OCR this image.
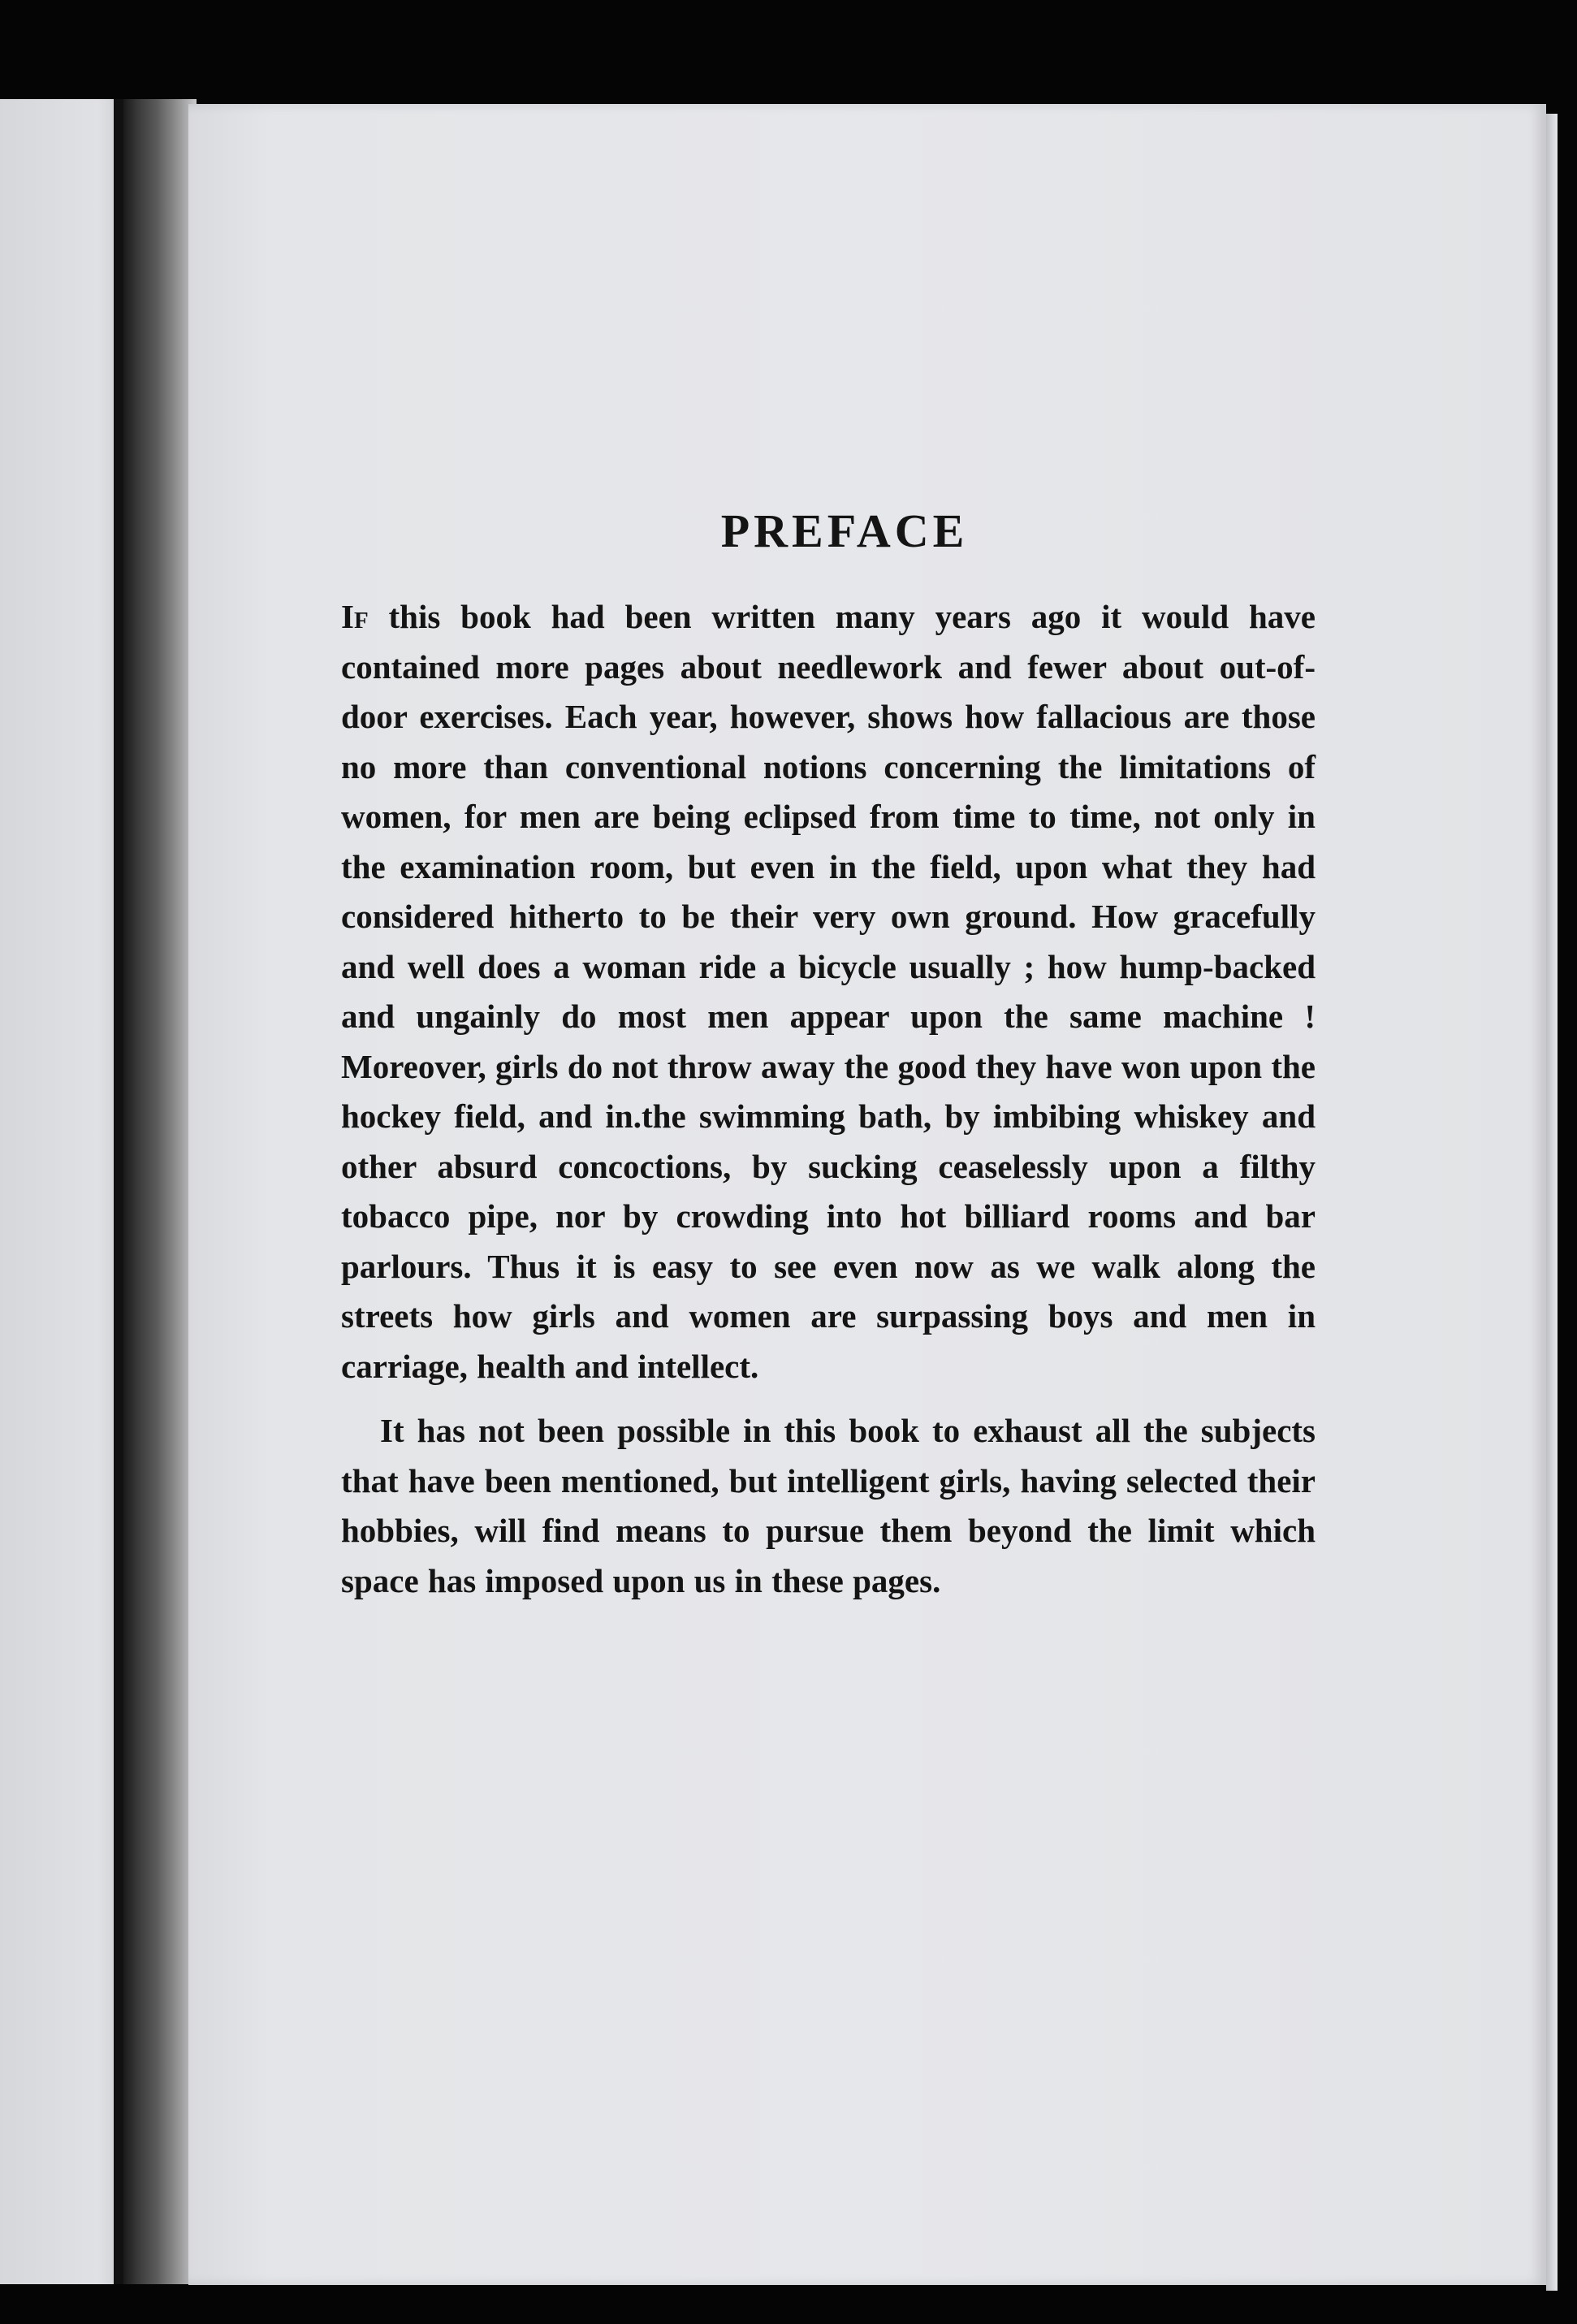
PREFACE

If this book had been written many years ago it would have contained more pages about needlework and fewer about out-of-door exercises. Each year, however, shows how fallacious are those no more than conventional notions concerning the limitations of women, for men are being eclipsed from time to time, not only in the examination room, but even in the field, upon what they had considered hitherto to be their very own ground. How gracefully and well does a woman ride a bicycle usually ; how hump-backed and ungainly do most men appear upon the same machine ! Moreover, girls do not throw away the good they have won upon the hockey field, and in.the swimming bath, by imbibing whiskey and other absurd concoctions, by sucking ceaselessly upon a filthy tobacco pipe, nor by crowding into hot billiard rooms and bar parlours. Thus it is easy to see even now as we walk along the streets how girls and women are surpassing boys and men in carriage, health and intellect.

It has not been possible in this book to exhaust all the subjects that have been mentioned, but intelligent girls, having selected their hobbies, will find means to pursue them beyond the limit which space has imposed upon us in these pages.
